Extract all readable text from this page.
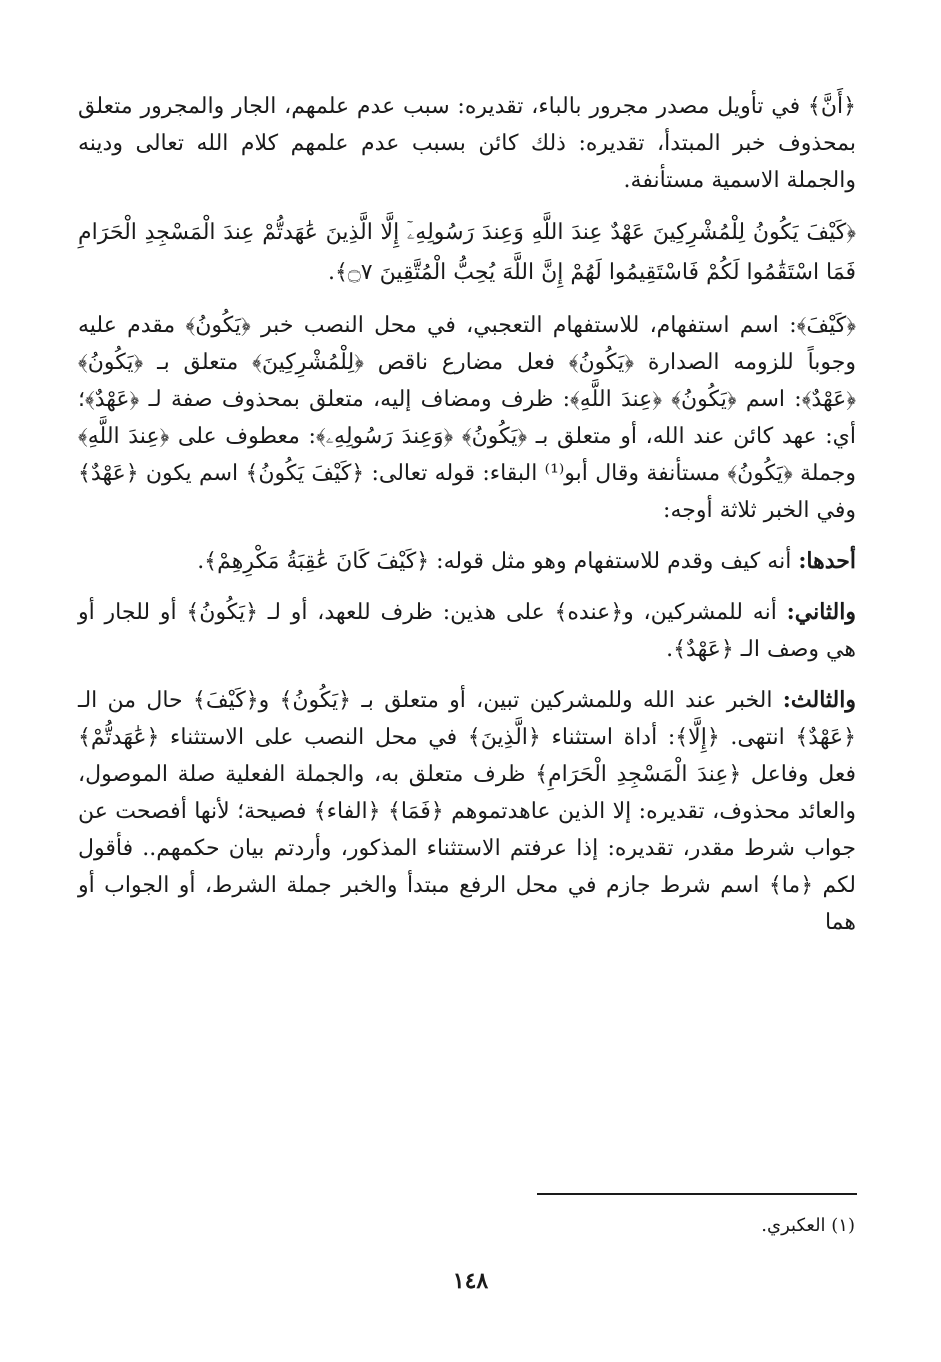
﴿أَنَّ﴾ في تأويل مصدر مجرور بالباء، تقديره: سبب عدم علمهم، الجار والمجرور متعلق بمحذوف خبر المبتدأ، تقديره: ذلك كائن بسبب عدم علمهم كلام الله تعالى ودينه والجملة الاسمية مستأنفة.

﴿كَيْفَ يَكُونُ لِلْمُشْرِكِينَ عَهْدٌ عِندَ اللَّهِ وَعِندَ رَسُولِهِۦٓ إِلَّا الَّذِينَ عَٰهَدتُّمْ عِندَ الْمَسْجِدِ الْحَرَامِ فَمَا اسْتَقَٰمُوا لَكُمْ فَاسْتَقِيمُوا لَهُمْ إِنَّ اللَّهَ يُحِبُّ الْمُتَّقِينَ ۝٧﴾.

﴿كَيْفَ﴾: اسم استفهام، للاستفهام التعجبي، في محل النصب خبر ﴿يَكُونُ﴾ مقدم عليه وجوباً للزومه الصدارة ﴿يَكُونُ﴾ فعل مضارع ناقص ﴿لِلْمُشْرِكِينَ﴾ متعلق بـ ﴿يَكُونُ﴾ ﴿عَهْدٌ﴾: اسم ﴿يَكُونُ﴾ ﴿عِندَ اللَّهِ﴾: ظرف ومضاف إليه، متعلق بمحذوف صفة لـ ﴿عَهْدٌ﴾؛ أي: عهد كائن عند الله، أو متعلق بـ ﴿يَكُونُ﴾ ﴿وَعِندَ رَسُولِهِۦ﴾: معطوف على ﴿عِندَ اللَّهِ﴾ وجملة ﴿يَكُونُ﴾ مستأنفة وقال أبو⁽¹⁾ البقاء: قوله تعالى: ﴿كَيْفَ يَكُونُ﴾ اسم يكون ﴿عَهْدٌ﴾ وفي الخبر ثلاثة أوجه:

أحدها: أنه كيف وقدم للاستفهام وهو مثل قوله: ﴿كَيْفَ كَانَ عَٰقِبَةُ مَكْرِهِمْ﴾.

والثاني: أنه للمشركين، و﴿عنده﴾ على هذين: ظرف للعهد، أو لـ ﴿يَكُونُ﴾ أو للجار أو هي وصف الـ ﴿عَهْدٌ﴾.

والثالث: الخبر عند الله وللمشركين تبين، أو متعلق بـ ﴿يَكُونُ﴾ و﴿كَيْفَ﴾ حال من الـ ﴿عَهْدٌ﴾ انتهى. ﴿إِلَّا﴾: أداة استثناء ﴿الَّذِينَ﴾ في محل النصب على الاستثناء ﴿عَٰهَدتُّمْ﴾ فعل وفاعل ﴿عِندَ الْمَسْجِدِ الْحَرَامِ﴾ ظرف متعلق به، والجملة الفعلية صلة الموصول، والعائد محذوف، تقديره: إلا الذين عاهدتموهم ﴿فَمَا﴾ ﴿الفاء﴾ فصيحة؛ لأنها أفصحت عن جواب شرط مقدر، تقديره: إذا عرفتم الاستثناء المذكور، وأردتم بيان حكمهم.. فأقول لكم ﴿ما﴾ اسم شرط جازم في محل الرفع مبتدأ والخبر جملة الشرط، أو الجواب أو هما

(١) العكبري.
١٤٨
